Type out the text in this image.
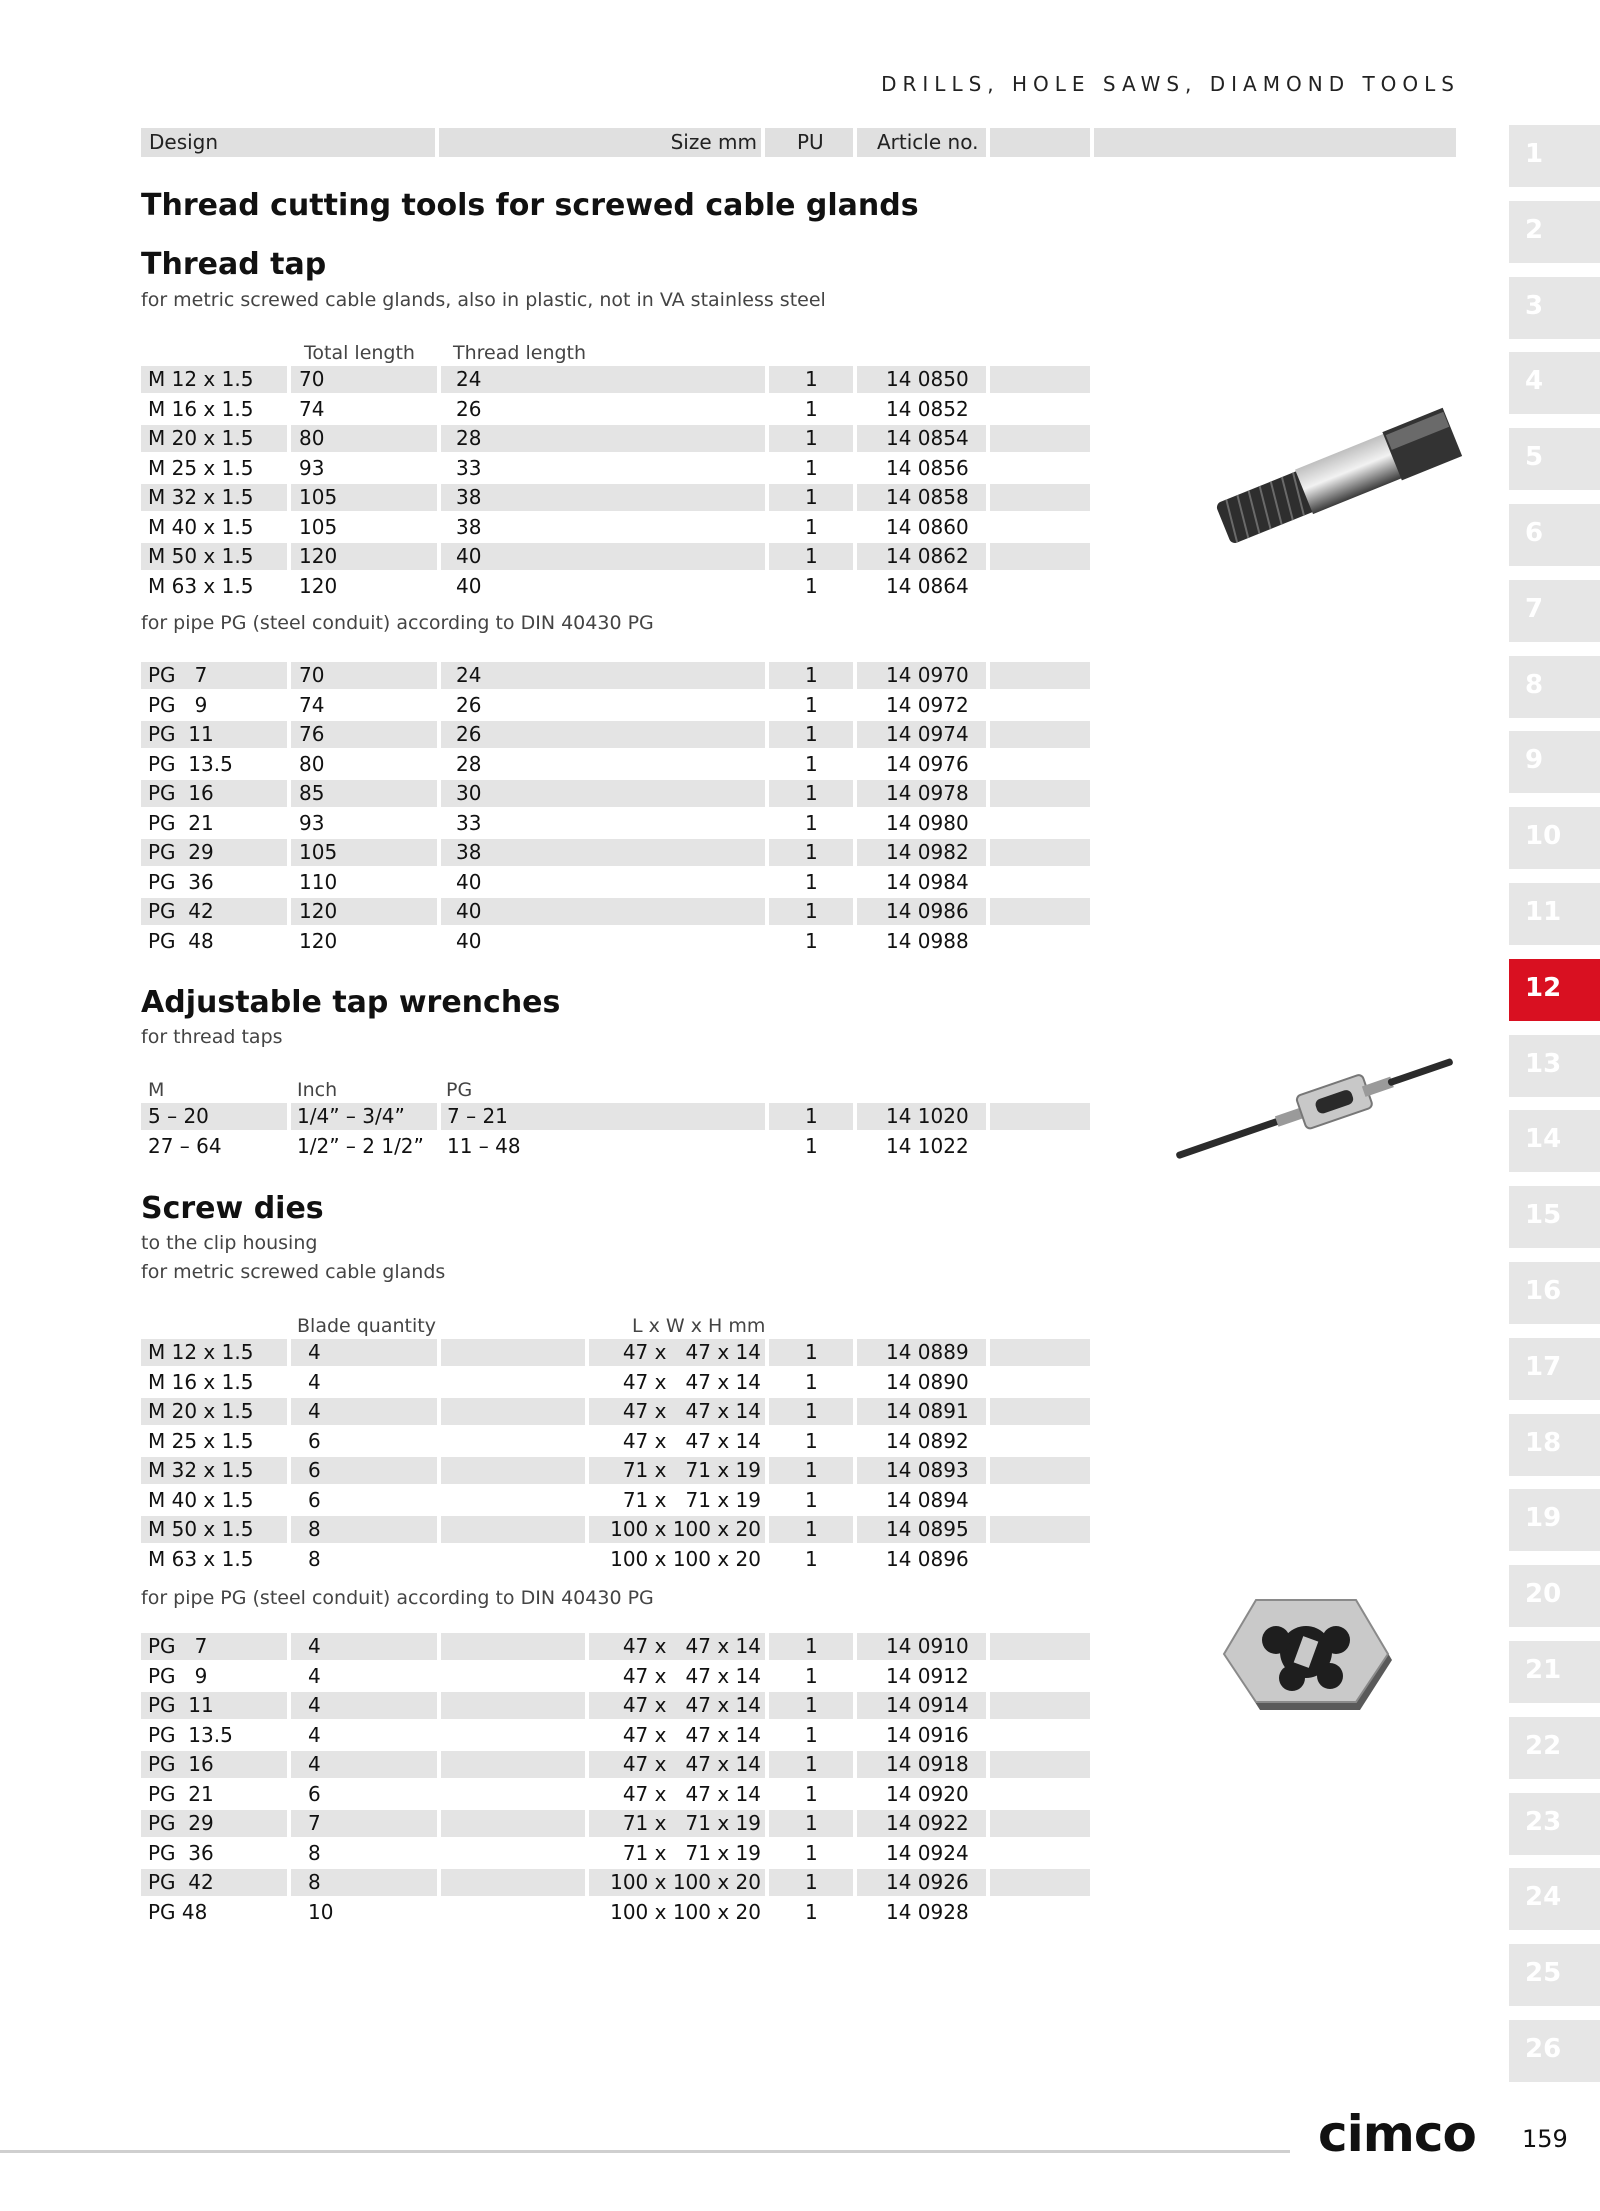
DRILLS, HOLE SAWS, DIAMOND TOOLS
Design	Size mm	PU	Article no.
Thread cutting tools for screwed cable glands
Thread tap
for metric screwed cable glands, also in plastic, not in VA stainless steel
Total length Thread length
M 12 x 1.5	70	24	1	14 0850
M 16 x 1.5	74	26	1	14 0852
M 20 x 1.5	80	28	1	14 0854
M 25 x 1.5	93	33	1	14 0856
M 32 x 1.5	105	38	1	14 0858
M 40 x 1.5	105	38	1	14 0860
M 50 x 1.5	120	40	1	14 0862
M 63 x 1.5	120	40	1	14 0864
for pipe PG (steel conduit) according to DIN 40430 PG
PG   7	70	24	1	14 0970
PG   9	74	26	1	14 0972
PG  11	76	26	1	14 0974
PG  13.5	80	28	1	14 0976
PG  16	85	30	1	14 0978
PG  21	93	33	1	14 0980
PG  29	105	38	1	14 0982
PG  36	110	40	1	14 0984
PG  42	120	40	1	14 0986
PG  48	120	40	1	14 0988
Adjustable tap wrenches
for thread taps
M	Inch	PG
5 – 20	1/4” – 3/4”	7 – 21	1	14 1020
27 – 64	1/2” – 2 1/2”	11 – 48	1	14 1022
Screw dies
to the clip housing
for metric screwed cable glands
Blade quantity	L x W x H mm
M 12 x 1.5	4	47 x   47 x 14	1	14 0889
M 16 x 1.5	4	47 x   47 x 14	1	14 0890
M 20 x 1.5	4	47 x   47 x 14	1	14 0891
M 25 x 1.5	6	47 x   47 x 14	1	14 0892
M 32 x 1.5	6	71 x   71 x 19	1	14 0893
M 40 x 1.5	6	71 x   71 x 19	1	14 0894
M 50 x 1.5	8	100 x 100 x 20	1	14 0895
M 63 x 1.5	8	100 x 100 x 20	1	14 0896
for pipe PG (steel conduit) according to DIN 40430 PG
PG   7	4	47 x   47 x 14	1	14 0910
PG   9	4	47 x   47 x 14	1	14 0912
PG  11	4	47 x   47 x 14	1	14 0914
PG  13.5	4	47 x   47 x 14	1	14 0916
PG  16	4	47 x   47 x 14	1	14 0918
PG  21	6	47 x   47 x 14	1	14 0920
PG  29	7	71 x   71 x 19	1	14 0922
PG  36	8	71 x   71 x 19	1	14 0924
PG  42	8	100 x 100 x 20	1	14 0926
PG 48	10	100 x 100 x 20	1	14 0928
1
2
3
4
5
6
7
8
9
10
11
12
13
14
15
16
17
18
19
20
21
22
23
24
25
26
cimco 159
